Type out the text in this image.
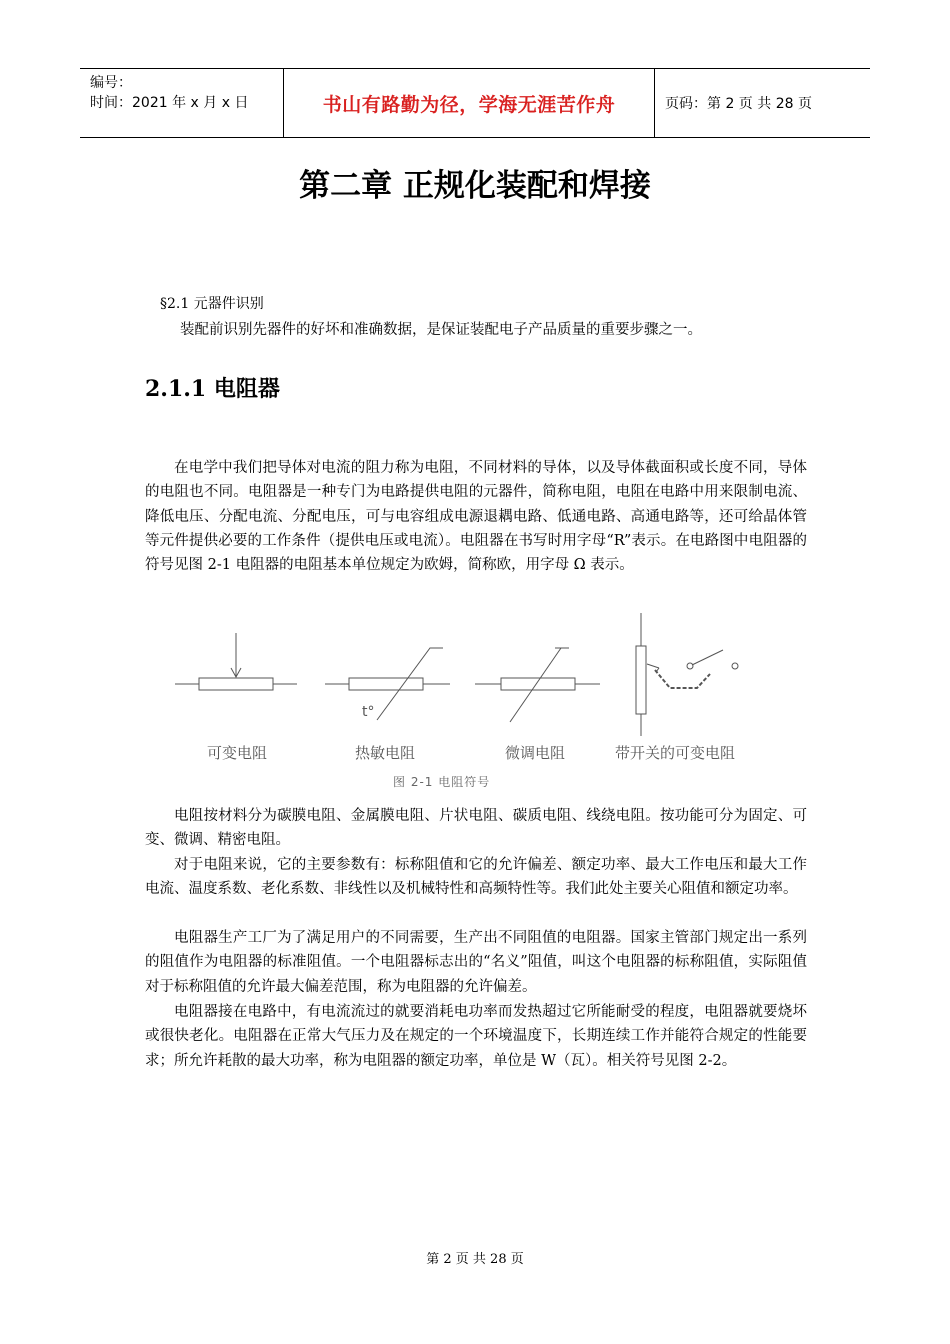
编号：
时间：2021 年 x 月 x 日	书山有路勤为径，学海无涯苦作舟	页码：第 2 页 共 28 页
第二章 正规化装配和焊接
§2.1 元器件识别
装配前识别先器件的好坏和准确数据，是保证装配电子产品质量的重要步骤之一。
2.1.1 电阻器

在电学中我们把导体对电流的阻力称为电阻，不同材料的导体，以及导体截面积或长度不同，导体的电阻也不同。电阻器是一种专门为电路提供电阻的元器件，简称电阻，电阻在电路中用来限制电流、降低电压、分配电流、分配电压，可与电容组成电源退耦电路、低通电路、高通电路等，还可给晶体管等元件提供必要的工作条件（提供电压或电流）。电阻器在书写时用字母“R”表示。在电路图中电阻器的符号见图 2-1 电阻器的电阻基本单位规定为欧姆，简称欧，用字母 Ω 表示。

t°
可变电阻	热敏电阻	微调电阻	带开关的可变电阻
图 2-1 电阻符号

电阻按材料分为碳膜电阻、金属膜电阻、片状电阻、碳质电阻、线绕电阻。按功能可分为固定、可变、微调、精密电阻。

对于电阻来说，它的主要参数有：标称阻值和它的允许偏差、额定功率、最大工作电压和最大工作电流、温度系数、老化系数、非线性以及机械特性和高频特性等。我们此处主要关心阻值和额定功率。

电阻器生产工厂为了满足用户的不同需要，生产出不同阻值的电阻器。国家主管部门规定出一系列的阻值作为电阻器的标准阻值。一个电阻器标志出的“名义”阻值，叫这个电阻器的标称阻值，实际阻值对于标称阻值的允许最大偏差范围，称为电阻器的允许偏差。

电阻器接在电路中，有电流流过的就要消耗电功率而发热超过它所能耐受的程度，电阻器就要烧坏或很快老化。电阻器在正常大气压力及在规定的一个环境温度下，长期连续工作并能符合规定的性能要求；所允许耗散的最大功率，称为电阻器的额定功率，单位是 W（瓦）。相关符号见图 2-2。

第 2 页 共 28 页
